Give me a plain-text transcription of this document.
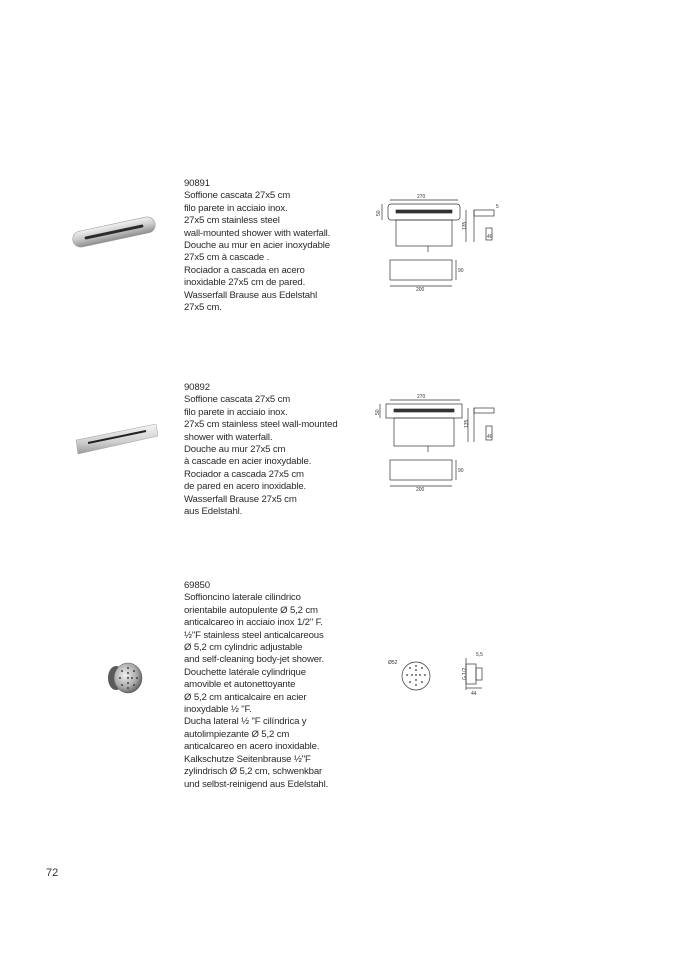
90891
Soffione cascata 27x5 cm
filo parete in acciaio inox.
27x5 cm stainless steel
wall-mounted shower with waterfall.
Douche au mur en acier inoxydable
27x5 cm à cascade .
Rociador a cascada en acero
inoxidable 27x5 cm de pared.
Wasserfall Brause aus Edelstahl
27x5 cm.
270
50
135
40
5
200
90
90892
Soffione cascata 27x5 cm
filo parete in acciaio inox.
27x5 cm stainless steel wall-mounted
shower with waterfall.
Douche au mur 27x5 cm
à cascade en acier inoxydable.
Rociador a cascada 27x5 cm
de pared en acero inoxidable.
Wasserfall Brause 27x5 cm
aus Edelstahl.
270
50
135
40
200
90
69850
Soffioncino laterale cilindrico
orientabile autopulente Ø 5,2 cm
anticalcareo in acciaio inox 1/2" F.
½"F stainless steel anticalcareous
Ø 5,2 cm cylindric adjustable
and self-cleaning body-jet shower.
Douchette latérale cylindrique
amovible et autonettoyante
Ø 5,2 cm anticalcaire en acier
inoxydable ½ "F.
Ducha lateral ½ "F cilíndrica y
autolimpiezante Ø 5,2 cm
anticalcareo en acero inoxidable.
Kalkschutze Seitenbrause ½"F
zylindrisch Ø 5,2 cm, schwenkbar
und selbst-reinigend aus Edelstahl.
Ø52
G 1/2
5,5
44
72
